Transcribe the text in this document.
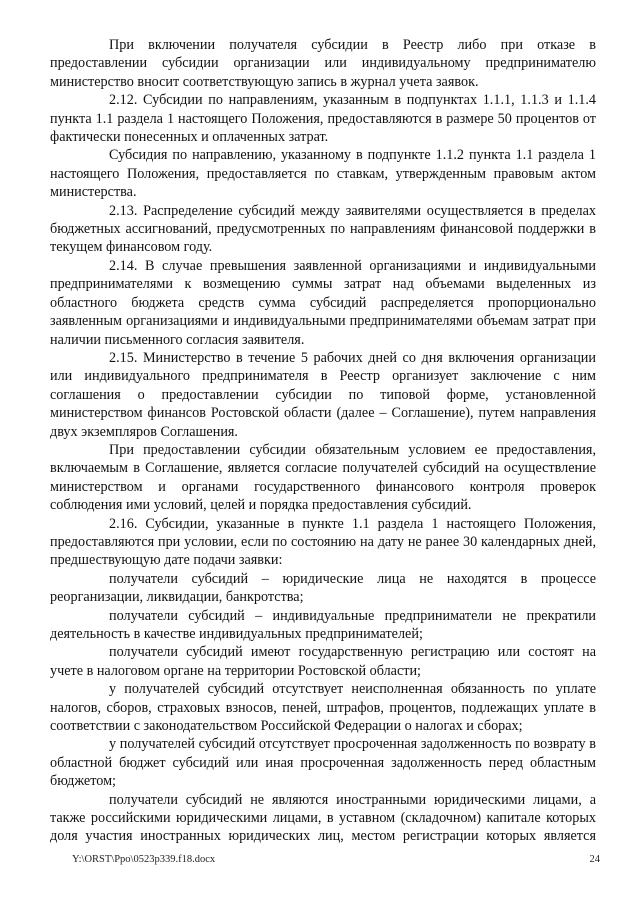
При включении получателя субсидии в Реестр либо при отказе в предоставлении субсидии организации или индивидуальному предпринимателю министерство вносит соответствующую запись в журнал учета заявок.

2.12. Субсидии по направлениям, указанным в подпунктах 1.1.1, 1.1.3 и 1.1.4 пункта 1.1 раздела 1 настоящего Положения, предоставляются в размере 50 процентов от фактически понесенных и оплаченных затрат.

Субсидия по направлению, указанному в подпункте 1.1.2 пункта 1.1 раздела 1 настоящего Положения, предоставляется по ставкам, утвержденным правовым актом министерства.

2.13. Распределение субсидий между заявителями осуществляется в пределах бюджетных ассигнований, предусмотренных по направлениям финансовой поддержки в текущем финансовом году.

2.14. В случае превышения заявленной организациями и индивидуальными предпринимателями к возмещению суммы затрат над объемами выделенных из областного бюджета средств сумма субсидий распределяется пропорционально заявленным организациями и индивидуальными предпринимателями объемам затрат при наличии письменного согласия заявителя.

2.15. Министерство в течение 5 рабочих дней со дня включения организации или индивидуального предпринимателя в Реестр организует заключение с ним соглашения о предоставлении субсидии по типовой форме, установленной министерством финансов Ростовской области (далее – Соглашение), путем направления двух экземпляров Соглашения.

При предоставлении субсидии обязательным условием ее предоставления, включаемым в Соглашение, является согласие получателей субсидий на осуществление министерством и органами государственного финансового контроля проверок соблюдения ими условий, целей и порядка предоставления субсидий.

2.16. Субсидии, указанные в пункте 1.1 раздела 1 настоящего Положения, предоставляются при условии, если по состоянию на дату не ранее 30 календарных дней, предшествующую дате подачи заявки:

получатели субсидий – юридические лица не находятся в процессе реорганизации, ликвидации, банкротства;

получатели субсидий – индивидуальные предприниматели не прекратили деятельность в качестве индивидуальных предпринимателей;

получатели субсидий имеют государственную регистрацию или состоят на учете в налоговом органе на территории Ростовской области;

у получателей субсидий отсутствует неисполненная обязанность по уплате налогов, сборов, страховых взносов, пеней, штрафов, процентов, подлежащих уплате в соответствии с законодательством Российской Федерации о налогах и сборах;

у получателей субсидий отсутствует просроченная задолженность по возврату в областной бюджет субсидий или иная просроченная задолженность перед областным бюджетом;

получатели субсидий не являются иностранными юридическими лицами, а также российскими юридическими лицами, в уставном (складочном) капитале которых доля участия иностранных юридических лиц, местом регистрации которых является

Y:\ORST\Ppo\0523p339.f18.docx	24
